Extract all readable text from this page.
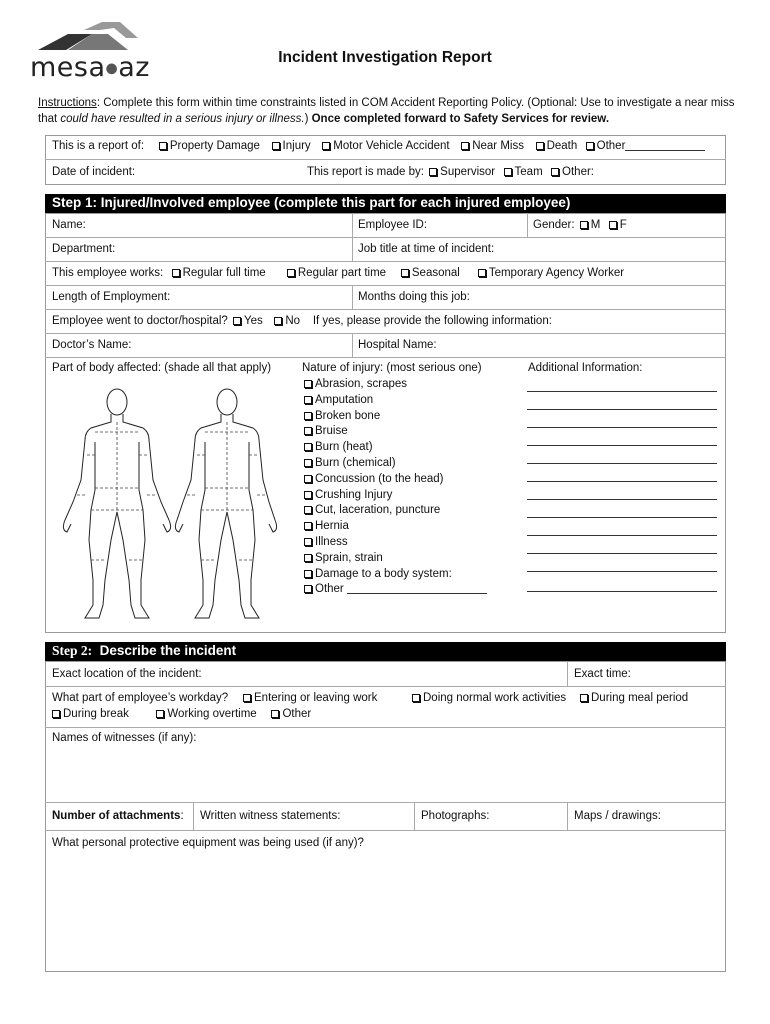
mesa●az	Incident Investigation Report
Instructions: Complete this form within time constraints listed in COM Accident Reporting Policy. (Optional: Use to investigate a near miss that could have resulted in a serious injury or illness.) Once completed forward to Safety Services for review.
This is a report of: Property Damage Injury Motor Vehicle Accident Near Miss Death Other
Date of incident:	This report is made by: Supervisor Team Other:
Step 1: Injured/Involved employee (complete this part for each injured employee)
Name:	Employee ID:	Gender: M F
Department:	Job title at time of incident:
This employee works: Regular full time	Regular part time Seasonal	Temporary Agency Worker
Length of Employment:	Months doing this job:
Employee went to doctor/hospital? Yes No If yes, please provide the following information:
Doctor’s Name:	Hospital Name:
Part of body affected: (shade all that apply)	Nature of injury: (most serious one)
Abrasion, scrapes
Amputation
Broken bone
Bruise
Burn (heat)
Burn (chemical)
Concussion (to the head)
Crushing Injury
Cut, laceration, puncture
Hernia
Illness
Sprain, strain
Damage to a body system:
Other
Additional Information:
Step 2: Describe the incident
Exact location of the incident:	Exact time:
What part of employee’s workday? Entering or leaving work	Doing normal work activities	During meal period
During break	Working overtime Other
Names of witnesses (if any):
Number of attachments: Written witness statements:	Photographs:	Maps / drawings:
What personal protective equipment was being used (if any)?
